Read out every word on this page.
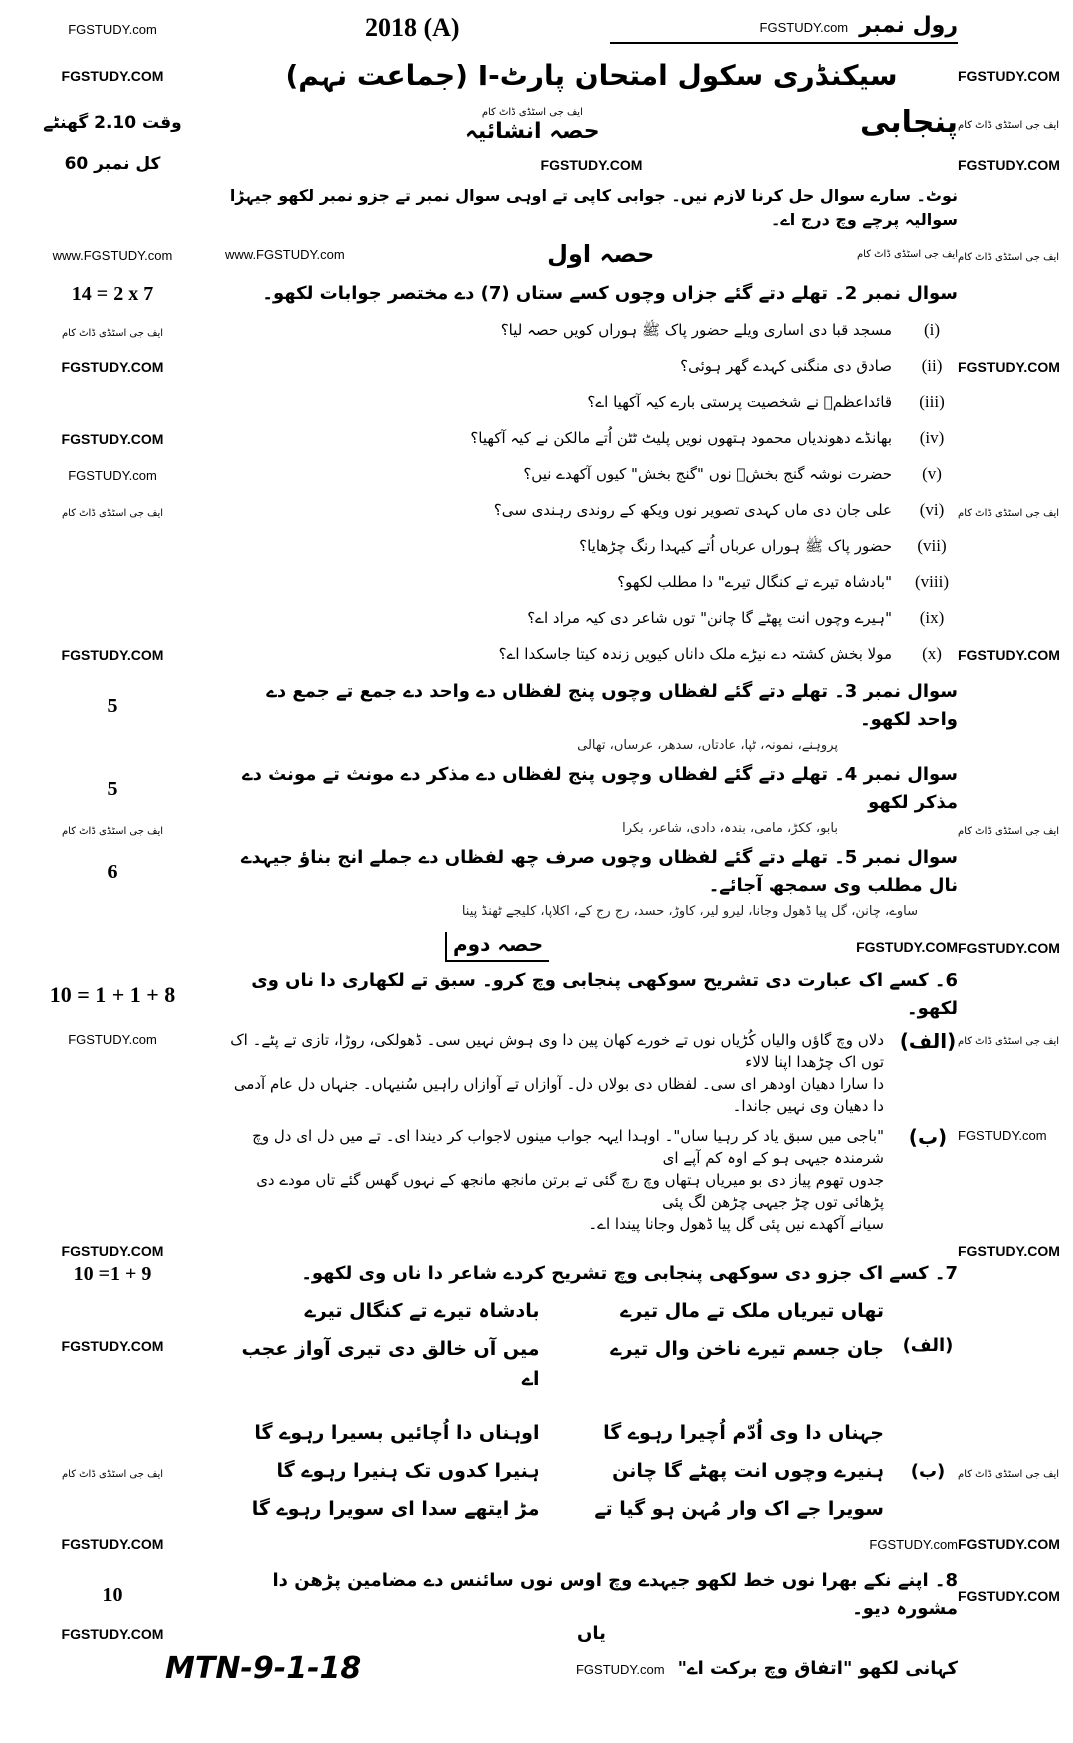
FGSTUDY.com	رول نمبر FGSTUDY.com
2018 (A)
FGSTUDY.COM	سیکنڈری سکول امتحان پارٹ-I (جماعت نہم)	FGSTUDY.COM
وقت 2.10 گھنٹے	پنجابی
ایف جی اسٹڈی ڈاٹ کام
حصہ انشائیہ	ایف جی اسٹڈی ڈاٹ کام
کل نمبر 60	FGSTUDY.COM	FGSTUDY.COM
نوٹ۔ سارے سوال حل کرنا لازم نیں۔ جوابی کاپی تے اوہی سوال نمبر تے جزو نمبر لکھو جیہڑا سوالیہ پرچے وچ درج اے۔
www.FGSTUDY.com	ایف جی اسٹڈی ڈاٹ کام
حصہ اول
www.FGSTUDY.com	ایف جی اسٹڈی ڈاٹ کام
14 = 2 x 7	سوال نمبر 2۔ تھلے دتے گئے جزاں وچوں کسے ستاں (7) دے مختصر جوابات لکھو۔
ایف جی اسٹڈی ڈاٹ کام	(i)
مسجد قبا دی اساری ویلے حضور پاک ﷺ ہوراں کویں حصہ لیا؟
FGSTUDY.COM	(ii)
صادق دی منگنی کہدے گھر ہوئی؟	FGSTUDY.COM
(iii)
قائداعظمؒ نے شخصیت پرستی بارے کیہ آکھیا اے؟
FGSTUDY.COM	(iv)
بھانڈے دھوندیاں محمود ہتھوں نویں پلیٹ ٹٹن اُتے مالکن نے کیہ آکھیا؟
FGSTUDY.com	(v)
حضرت نوشہ گنج بخشؒ نوں "گنج بخش" کیوں آکھدے نیں؟
ایف جی اسٹڈی ڈاٹ کام	(vi)
علی جان دی ماں کہدی تصویر نوں ویکھ کے روندی رہندی سی؟	ایف جی اسٹڈی ڈاٹ کام
(vii)
حضور پاک ﷺ ہوراں عرباں اُتے کیہدا رنگ چڑھایا؟
(viii)
"بادشاہ تیرے تے کنگال تیرے" دا مطلب لکھو؟
(ix)
"ہیرے وچوں انت پھٹے گا چانن" توں شاعر دی کیہ مراد اے؟
FGSTUDY.COM	(x)
مولا بخش کشتہ دے نیڑے ملک داناں کیویں زندہ کیتا جاسکدا اے؟	FGSTUDY.COM
5
سوال نمبر 3۔ تھلے دتے گئے لفظاں وچوں پنج لفظاں دے واحد دے جمع تے جمع دے واحد لکھو۔
پروہنے، نمونہ، ٹپا، عادتاں، سدھر، عرساں، تھالی
5
سوال نمبر 4۔ تھلے دتے گئے لفظاں وچوں پنج لفظاں دے مذکر دے مونث تے مونث دے مذکر لکھو
ایف جی اسٹڈی ڈاٹ کام	بابو، ککڑ، مامی، بندہ، دادی، شاعر، بکرا	ایف جی اسٹڈی ڈاٹ کام
6
سوال نمبر 5۔ تھلے دتے گئے لفظاں وچوں صرف چھ لفظاں دے جملے انج بناؤ جیہدے نال مطلب وی سمجھ آجائے۔
ساوے، چانن، گل پیا ڈھول وجانا، لیرو لیر، کاوڑ، حسد، رج رج کے، اکلاپا، کلیجے ٹھنڈ پینا
FGSTUDY.COM
حصہ دوم	FGSTUDY.COM
10 = 1 + 1 + 8
6۔ کسے اک عبارت دی تشریح سوکھی پنجابی وچ کرو۔ سبق تے لکھاری دا ناں وی لکھو۔
FGSTUDY.com	(الف)
دلاں وچ گاؤں والیاں کُڑیاں نوں تے خورے کھان پین دا وی ہوش نہیں سی۔ ڈھولکی، روڑا، تازی تے پٹے۔ اک توں اک چڑھدا اپنا لالاء
دا سارا دھیان اودھر ای سی۔ لفظاں دی بولاں دل۔ آوازاں تے آوازاں راہیں سُنیہاں۔ جنہاں دل عام آدمی دا دھیان وی نہیں جاندا۔
ایف جی اسٹڈی ڈاٹ کام
(ب)
"باجی میں سبق یاد کر رہیا ساں"۔ اوہدا ایہہ جواب مینوں لاجواب کر دیندا ای۔ تے میں دل ای دل وچ شرمندہ جیہی ہو کے اوہ کم آپے ای
جدوں تھوم پیاز دی بو میریاں ہتھاں وچ رچ گئی تے برتن مانجھ مانجھ کے نہوں گھس گئے تاں مودے دی پڑھائی توں چڑ جیہی چڑھن لگ پئی
سیانے آکھدے نیں پئی گل پیا ڈھول وجانا پیندا اے۔
FGSTUDY.com
FGSTUDY.COM	FGSTUDY.COM
10 =1 + 9	7۔ کسے اک جزو دی سوکھی پنجابی وچ تشریح کردے شاعر دا ناں وی لکھو۔
FGSTUDY.COM	(الف)
تھاں تیریاں ملک تے مال تیرے
بادشاہ تیرے تے کنگال تیرے
جان جسم تیرے ناخن وال تیرے
میں آں خالق دی تیری آواز عجب اے
ایف جی اسٹڈی ڈاٹ کام	(ب)
جہناں دا وی اُدّم اُچیرا رہوے گا
اوہناں دا اُچائیں بسیرا رہوے گا
ہنیرے وچوں انت پھٹے گا چانن
ہنیرا کدوں تک ہنیرا رہوے گا
سویرا جے اک وار مُہن ہو گیا تے
مڑ ایتھے سدا ای سویرا رہوے گا
ایف جی اسٹڈی ڈاٹ کام
FGSTUDY.COM	FGSTUDY.com FGSTUDY.COM
10
8۔ اپنے نکے بھرا نوں خط لکھو جیہدے وچ اوس نوں سائنس دے مضامین پڑھن دا مشورہ دیو۔
FGSTUDY.COM
FGSTUDY.COM	یاں
کہانی لکھو "اتفاق وچ برکت اے" FGSTUDY.com
MTN-9-1-18
